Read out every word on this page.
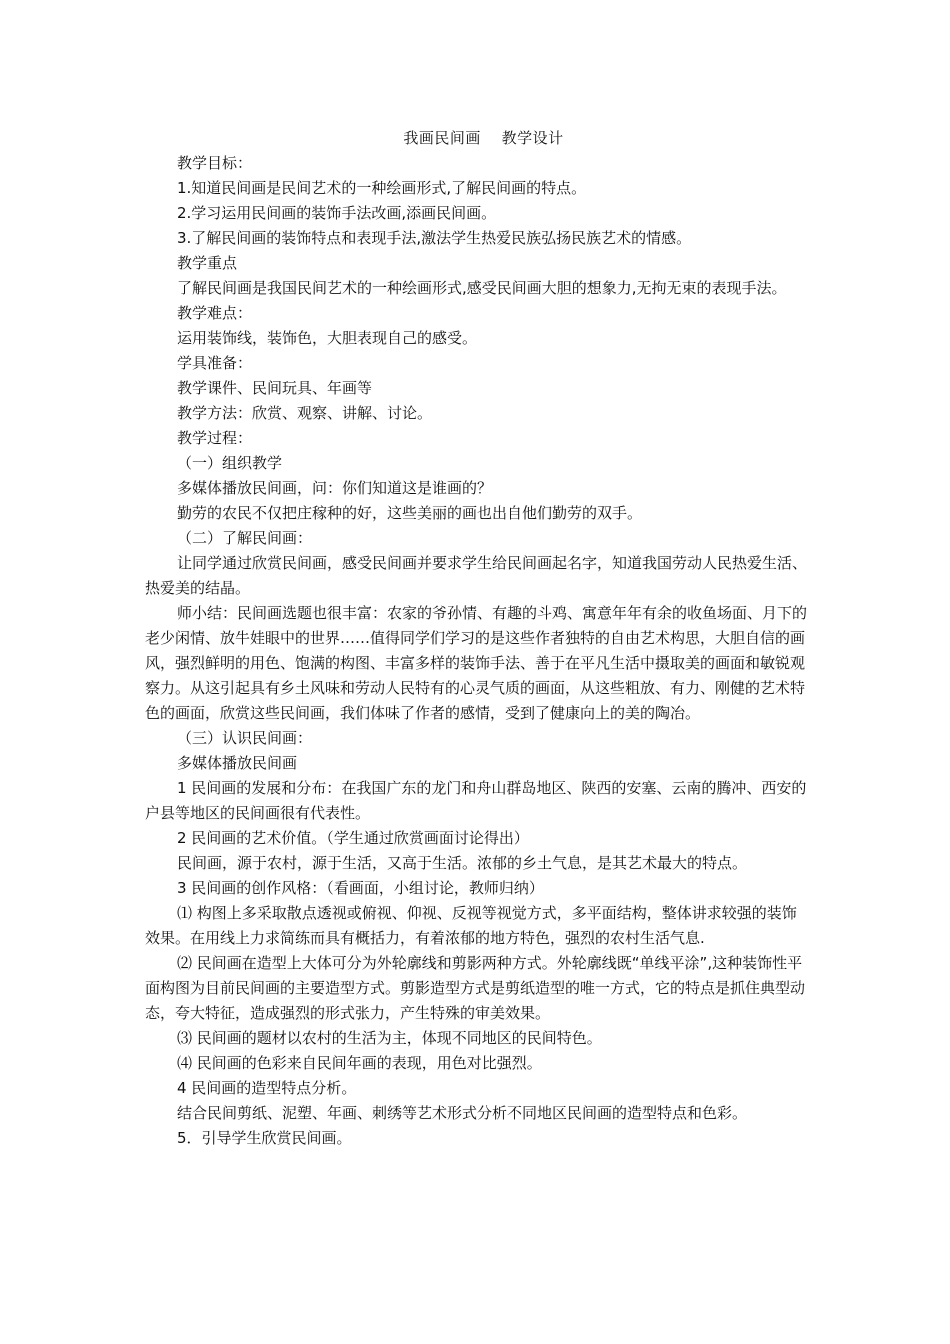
我画民间画　 教学设计

教学目标：

1.知道民间画是民间艺术的一种绘画形式,了解民间画的特点。

2.学习运用民间画的装饰手法改画,添画民间画。

3.了解民间画的装饰特点和表现手法,激法学生热爱民族弘扬民族艺术的情感。

教学重点

了解民间画是我国民间艺术的一种绘画形式,感受民间画大胆的想象力,无拘无束的表现手法。

教学难点：

运用装饰线，装饰色，大胆表现自己的感受。

学具准备：

教学课件、民间玩具、年画等

教学方法：欣赏、观察、讲解、讨论。

教学过程：

（一）组织教学

多媒体播放民间画，问：你们知道这是谁画的？

勤劳的农民不仅把庄稼种的好，这些美丽的画也出自他们勤劳的双手。

（二）了解民间画：

让同学通过欣赏民间画，感受民间画并要求学生给民间画起名字，知道我国劳动人民热爱生活、热爱美的结晶。

师小结：民间画选题也很丰富：农家的爷孙情、有趣的斗鸡、寓意年年有余的收鱼场面、月下的老少闲情、放牛娃眼中的世界……值得同学们学习的是这些作者独特的自由艺术构思，大胆自信的画风，强烈鲜明的用色、饱满的构图、丰富多样的装饰手法、善于在平凡生活中摄取美的画面和敏锐观察力。从这引起具有乡土风味和劳动人民特有的心灵气质的画面，从这些粗放、有力、刚健的艺术特色的画面，欣赏这些民间画，我们体味了作者的感情，受到了健康向上的美的陶冶。

（三）认识民间画：

多媒体播放民间画

1 民间画的发展和分布：在我国广东的龙门和舟山群岛地区、陕西的安塞、云南的腾冲、西安的户县等地区的民间画很有代表性。

2 民间画的艺术价值。（学生通过欣赏画面讨论得出）

民间画，源于农村，源于生活，又高于生活。浓郁的乡土气息，是其艺术最大的特点。

3 民间画的创作风格：（看画面，小组讨论，教师归纳）

⑴ 构图上多采取散点透视或俯视、仰视、反视等视觉方式，多平面结构，整体讲求较强的装饰效果。在用线上力求简练而具有概括力，有着浓郁的地方特色，强烈的农村生活气息.

⑵ 民间画在造型上大体可分为外轮廓线和剪影两种方式。外轮廓线既“单线平涂”,这种装饰性平面构图为目前民间画的主要造型方式。剪影造型方式是剪纸造型的唯一方式，它的特点是抓住典型动态，夸大特征，造成强烈的形式张力，产生特殊的审美效果。

⑶ 民间画的题材以农村的生活为主，体现不同地区的民间特色。

⑷ 民间画的色彩来自民间年画的表现，用色对比强烈。

4 民间画的造型特点分析。

结合民间剪纸、泥塑、年画、刺绣等艺术形式分析不同地区民间画的造型特点和色彩。

5．引导学生欣赏民间画。
